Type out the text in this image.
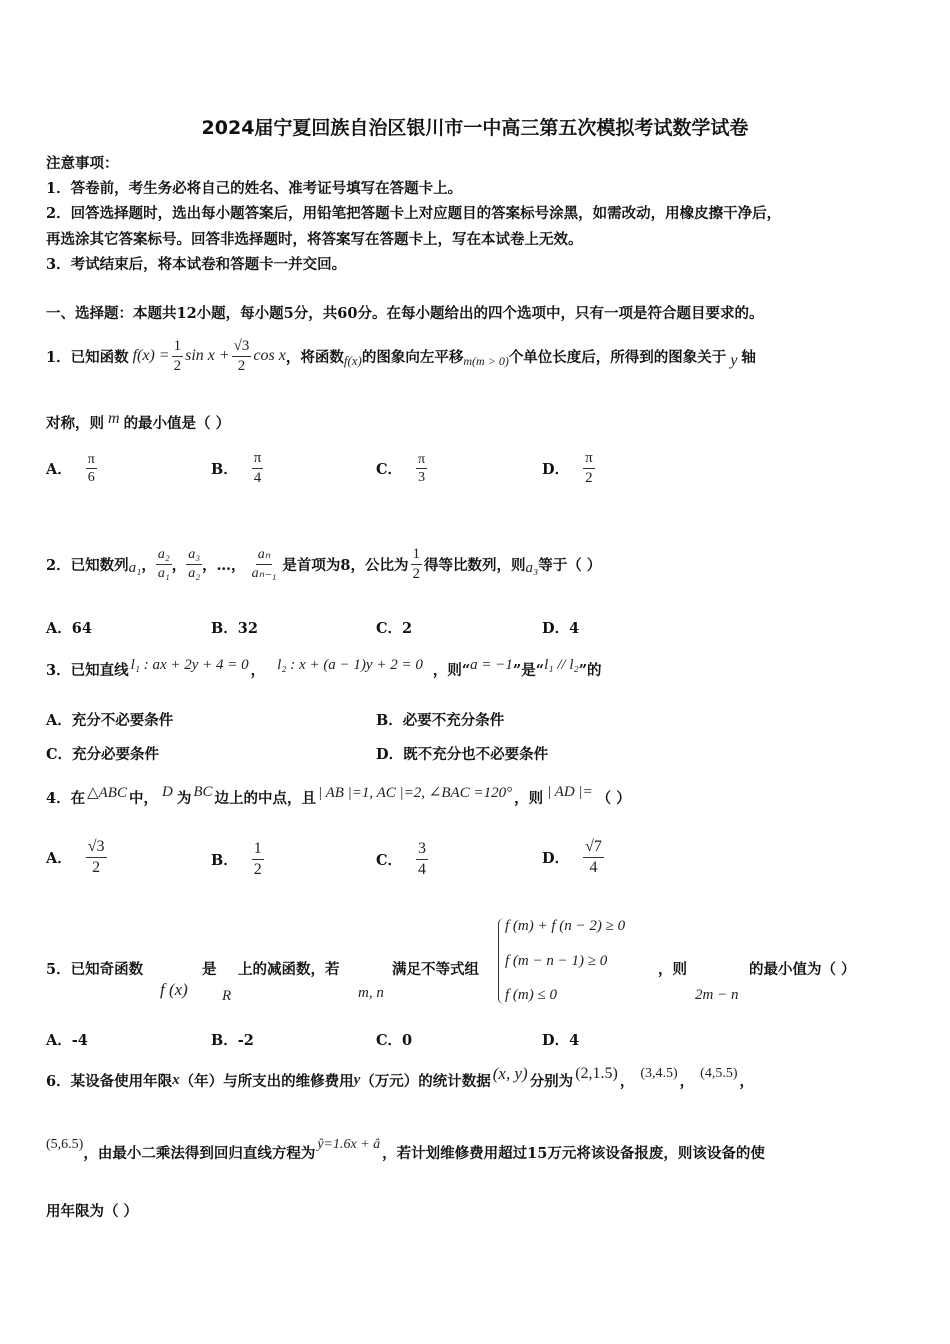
2024届宁夏回族自治区银川市一中高三第五次模拟考试数学试卷
注意事项：
1．答卷前，考生务必将自己的姓名、准考证号填写在答题卡上。
2．回答选择题时，选出每小题答案后，用铅笔把答题卡上对应题目的答案标号涂黑，如需改动，用橡皮擦干净后，
再选涂其它答案标号。回答非选择题时，将答案写在答题卡上，写在本试卷上无效。
3．考试结束后，将本试卷和答题卡一并交回。
一、选择题：本题共12小题，每小题5分，共60分。在每小题给出的四个选项中，只有一项是符合题目要求的。
1．已知函数 $f(x) = \frac{1}{2}$ $\sin x + \frac{√3}{2}$ cos x ，将函数 f(x) 的图象向左平移 m(m > 0) 个单位长度后，所得到的图象关于 y 轴
对称，则 m 的最小值是（ ）
A． $\frac{\pi}{6}$	B． $\frac{\pi}{4}$	C． $\frac{\pi}{3}$	D． $\frac{\pi}{2}$
2．已知数列 a₁ ， $\frac{\text{a₂}}{\text{a₁}}$ ， $\frac{\text{a₃}}{\text{a₂}}$ ，…， $\frac{\text{aₙ}}{\text{aₙ₋₁}}$ 是首项为8，公比为 $\frac{1}{2}$ 得等比数列，则 a₃ 等于（ ）
A．64	B．32	C．2	D．4
3．已知直线 l₁ : ax + 2y + 4 = 0 ， l₂ : x + (a − 1)y + 2 = 0 ，则“ a = −1 ”是“ l₁ // l₂ ”的
A．充分不必要条件	B．必要不充分条件
C．充分必要条件	D．既不充分也不必要条件
4．在 △ABC 中， D 为 BC 边上的中点，且 | AB |=1, AC |=2, ∠BAC =120° ，则 | AD |= （ ）
A． $\frac{√3}{2}$	B． $\frac{1}{2}$	C． $\frac{3}{4}$	D． $\frac{√7}{4}$
5．已知奇函数
f (x)
是
R
上的减函数，若
m, n
满足不等式组
f (m) + f (n − 2) ≥ 0
f (m − n − 1) ≥ 0
f (m) ≤ 0
，则
2m − n
的最小值为（ ）
A．-4	B．-2	C．0	D．4
6．某设备使用年限 x （年）与所支出的维修费用 y （万元）的统计数据 (x, y) 分别为 (2,1.5) ， (3,4.5) ， (4,5.5) ，
(5,6.5) ，由最小二乘法得到回归直线方程为 ŷ=1.6x + â ，若计划维修费用超过15万元将该设备报废，则该设备的使
用年限为（ ）
